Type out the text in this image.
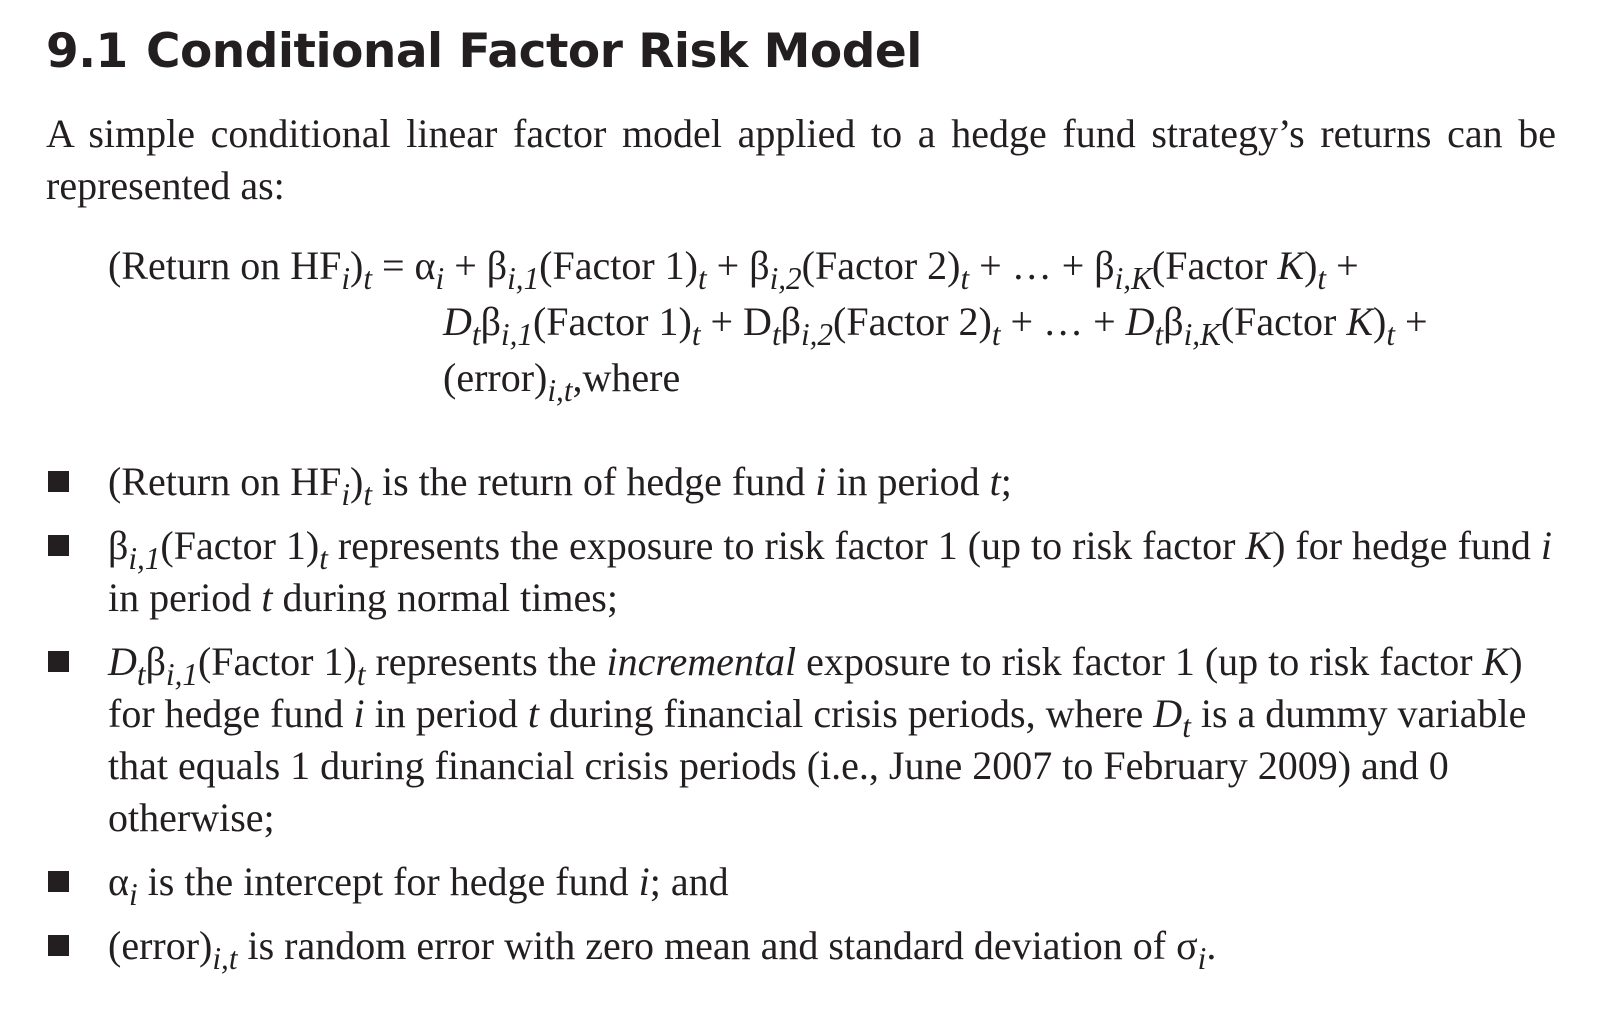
9.1 Conditional Factor Risk Model

A simple conditional linear factor model applied to a hedge fund strategy’s returns can be represented as:

(Return on $HF_i)_t = \alpha_i$ + $\beta_{i,1}(Factor$ $1)_t$ + $\beta_{i,2}(Factor$ $2)_t$ + … + $\beta_{i,K}(Factor$ $K)_t$ +
$D_t\beta_{i,1}(Factor$ $1)_t$ + $D_t\beta_{i,2}(Factor$ $2)_t$ + … + $D_t\beta_{i,K}(Factor$ $K)_t$ +
$(error)_{i,t},where$
(Return on $HF_i)_t$ is the return of hedge fund i in period t;
$\beta_{i,1}(Factor$ $1)_t$ represents the exposure to risk factor 1 (up to risk factor K) for hedge fund i in period t during normal times;
$D_t\beta_{i,1}(Factor$ $1)_t$ represents the incremental exposure to risk factor 1 (up to risk factor K) for hedge fund i in period t during financial crisis periods, where $D_t$ is a dummy variable that equals 1 during financial crisis periods (i.e., June 2007 to February 2009) and 0 otherwise;
$\alpha_i$ is the intercept for hedge fund i; and
$(error)_{i,t}$ is random error with zero mean and standard deviation of $\sigma_i$.
